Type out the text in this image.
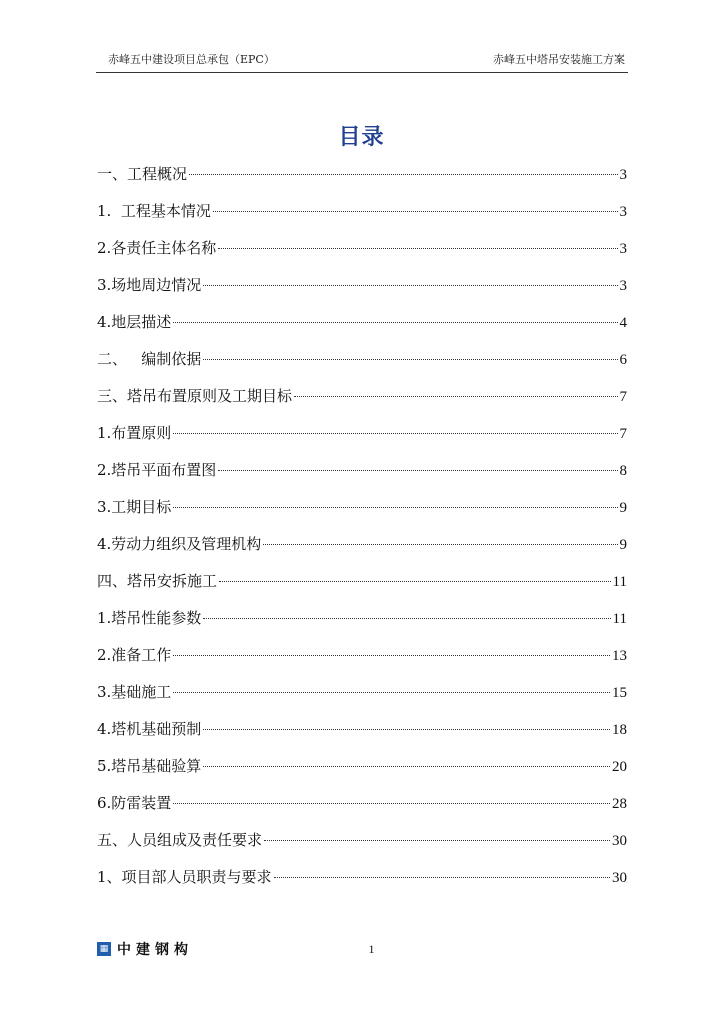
赤峰五中建设项目总承包（EPC）	赤峰五中塔吊安装施工方案
目录
一、工程概况	3
1.  工程基本情况	3
2.各责任主体名称	3
3.场地周边情况	3
4.地层描述	4
二、   编制依据	6
三、塔吊布置原则及工期目标	7
1.布置原则	7
2.塔吊平面布置图	8
3.工期目标	9
4.劳动力组织及管理机构	9
四、塔吊安拆施工	11
1.塔吊性能参数	11
2.准备工作	13
3.基础施工	15
4.塔机基础预制	18
5.塔吊基础验算	20
6.防雷装置	28
五、人员组成及责任要求	30
1、项目部人员职责与要求	30
▦ 中建钢构	1
